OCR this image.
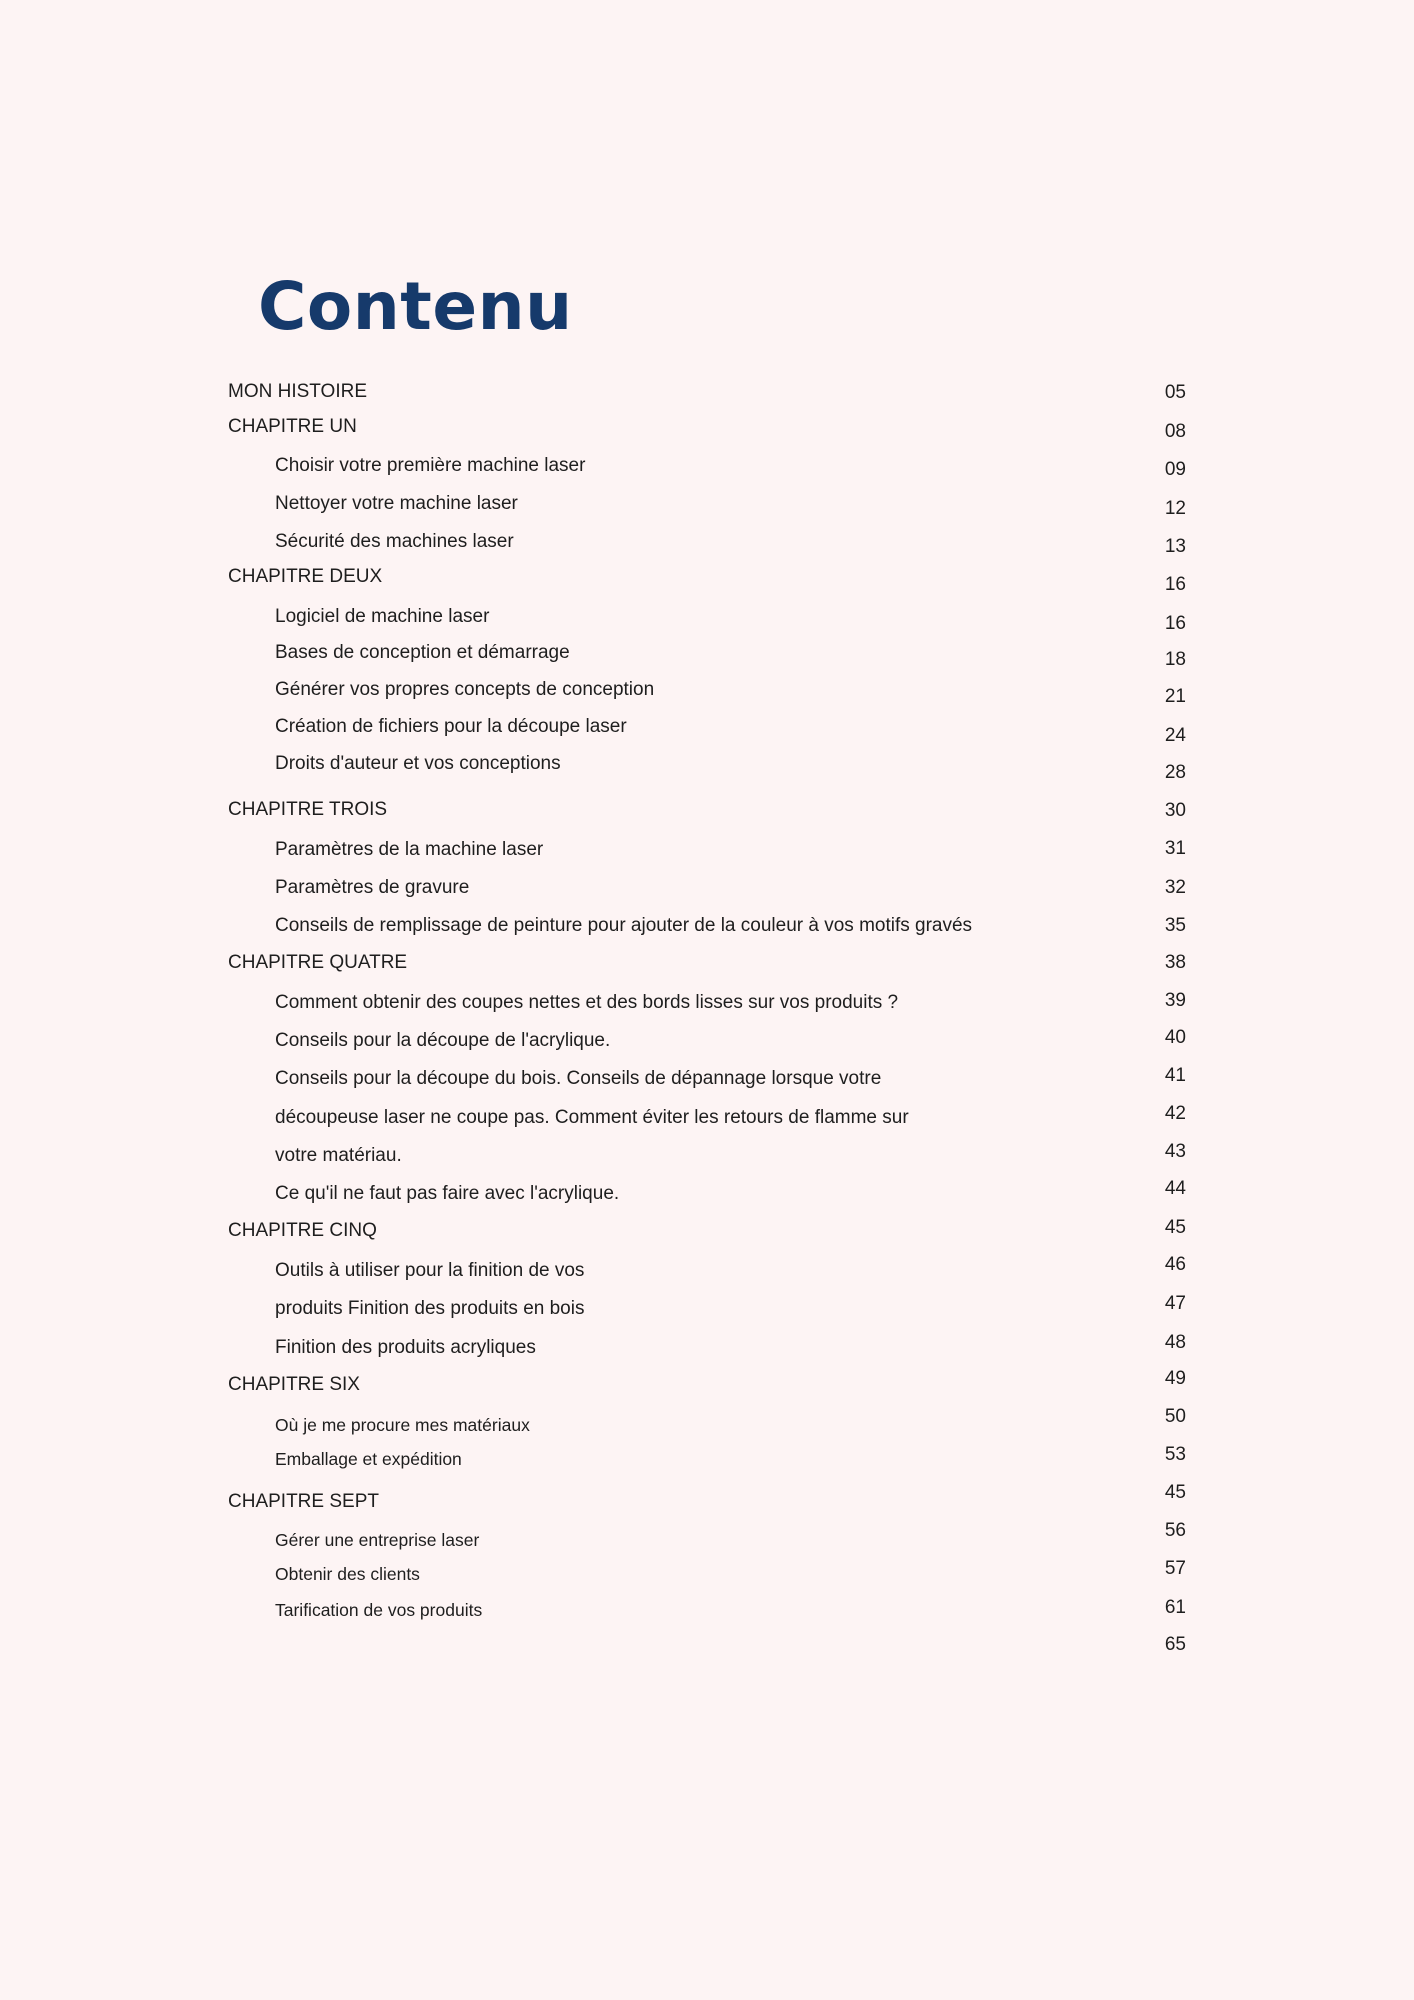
Contenu
MON HISTOIRE
CHAPITRE UN
Choisir votre première machine laser
Nettoyer votre machine laser
Sécurité des machines laser
CHAPITRE DEUX
Logiciel de machine laser
Bases de conception et démarrage
Générer vos propres concepts de conception
Création de fichiers pour la découpe laser
Droits d'auteur et vos conceptions
CHAPITRE TROIS
Paramètres de la machine laser
Paramètres de gravure
Conseils de remplissage de peinture pour ajouter de la couleur à vos motifs gravés
CHAPITRE QUATRE
Comment obtenir des coupes nettes et des bords lisses sur vos produits ?
Conseils pour la découpe de l'acrylique.
Conseils pour la découpe du bois. Conseils de dépannage lorsque votre
découpeuse laser ne coupe pas. Comment éviter les retours de flamme sur
votre matériau.
Ce qu'il ne faut pas faire avec l'acrylique.
CHAPITRE CINQ
Outils à utiliser pour la finition de vos
produits Finition des produits en bois
Finition des produits acryliques
CHAPITRE SIX
Où je me procure mes matériaux
Emballage et expédition
CHAPITRE SEPT
Gérer une entreprise laser
Obtenir des clients
Tarification de vos produits
05
08
09
12
13
16
16
18
21
24
28
30
31
32
35
38
39
40
41
42
43
44
45
46
47
48
49
50
53
45
56
57
61
65
